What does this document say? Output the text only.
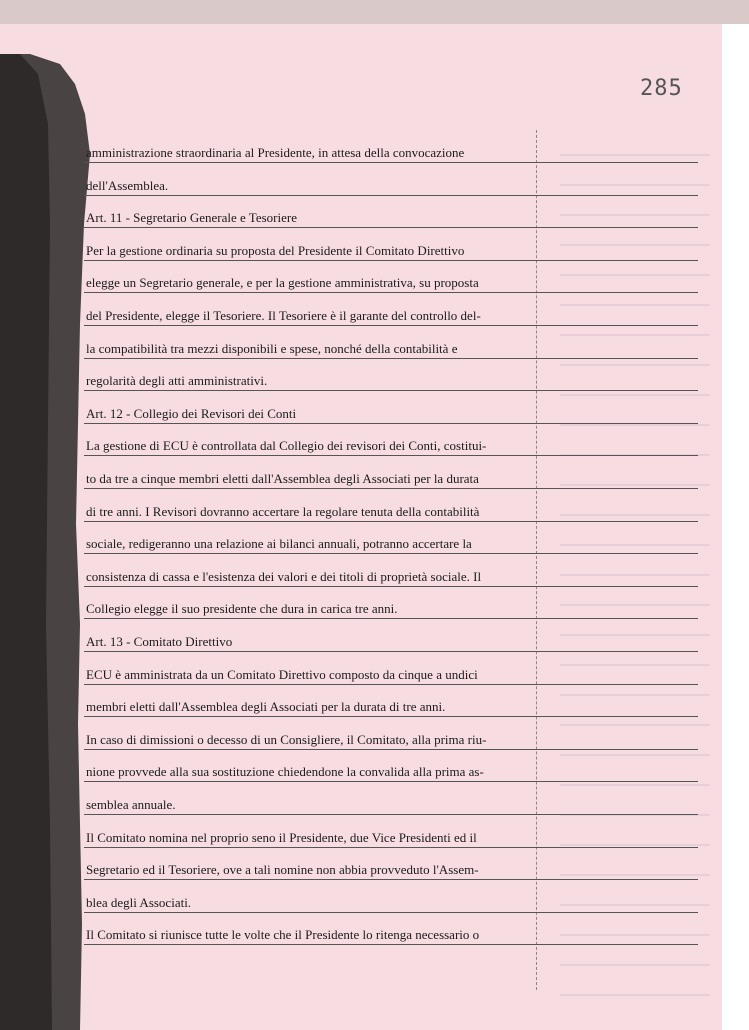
285
amministrazione straordinaria al Presidente, in attesa della convocazione
dell'Assemblea.
Art. 11 - Segretario Generale e Tesoriere
Per la gestione ordinaria su proposta del Presidente il Comitato Direttivo
elegge un Segretario generale, e per la gestione amministrativa, su proposta
del Presidente, elegge il Tesoriere. Il Tesoriere è il garante del controllo del-
la compatibilità tra mezzi disponibili e spese, nonché della contabilità e
regolarità degli atti amministrativi.
Art. 12 - Collegio dei Revisori dei Conti
La gestione di ECU è controllata dal Collegio dei revisori dei Conti, costitui-
to da tre a cinque membri eletti dall'Assemblea degli Associati per la durata
di tre anni. I Revisori dovranno accertare la regolare tenuta della contabilità
sociale, redigeranno una relazione ai bilanci annuali, potranno accertare la
consistenza di cassa e l'esistenza dei valori e dei titoli di proprietà sociale. Il
Collegio elegge il suo presidente che dura in carica tre anni.
Art. 13 - Comitato Direttivo
ECU è amministrata da un Comitato Direttivo composto da cinque a undici
membri eletti dall'Assemblea degli Associati per la durata di tre anni.
In caso di dimissioni o decesso di un Consigliere, il Comitato, alla prima riu-
nione provvede alla sua sostituzione chiedendone la convalida alla prima as-
semblea annuale.
Il Comitato nomina nel proprio seno il Presidente, due Vice Presidenti ed il
Segretario ed il Tesoriere, ove a tali nomine non abbia provveduto l'Assem-
blea degli Associati.
Il Comitato si riunisce tutte le volte che il Presidente lo ritenga necessario o
